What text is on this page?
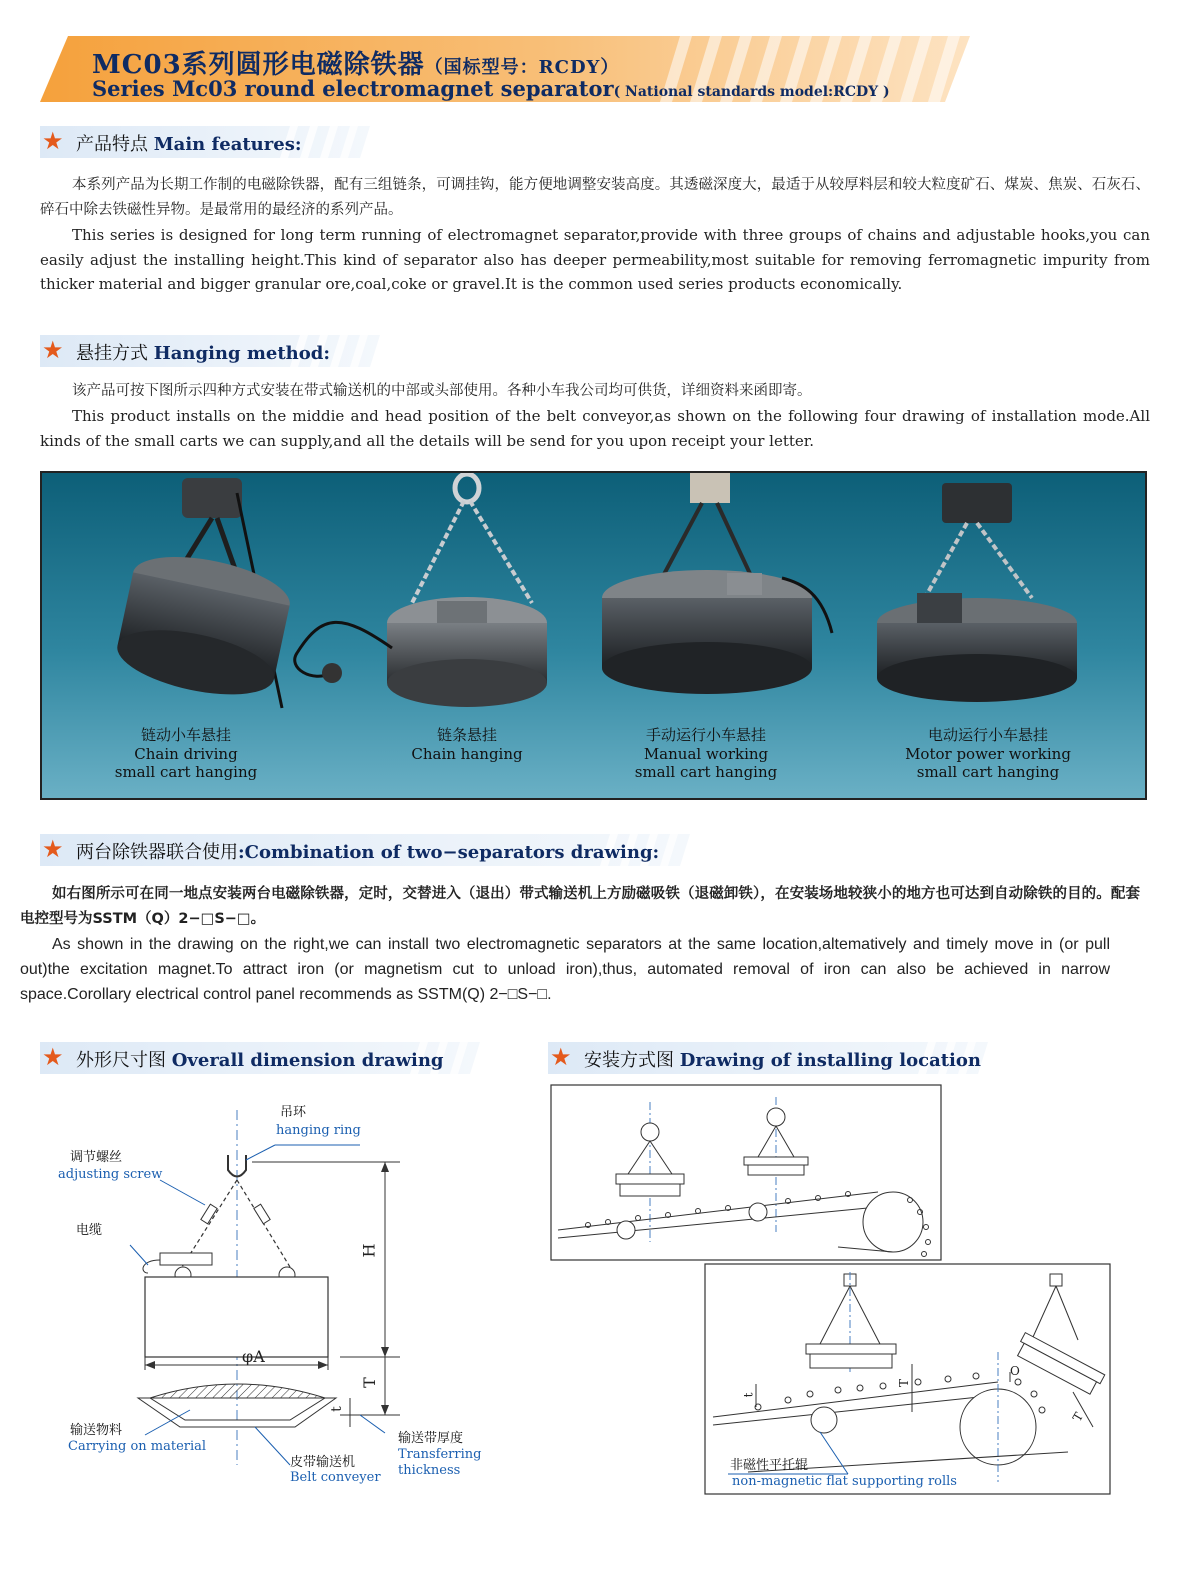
MC03系列圆形电磁除铁器（国标型号：RCDY）
Series Mc03 round electromagnet separator( National standards model:RCDY )
★ 产品特点 Main features:
本系列产品为长期工作制的电磁除铁器，配有三组链条，可调挂钩，能方便地调整安装高度。其透磁深度大，最适于从较厚料层和较大粒度矿石、煤炭、焦炭、石灰石、碎石中除去铁磁性异物。是最常用的最经济的系列产品。
This series is designed for long term running of electromagnet separator,provide with three groups of chains and adjustable hooks,you can easily adjust the installing height.This kind of separator also has deeper permeability,most suitable for removing ferromagnetic impurity from thicker material and bigger granular ore,coal,coke or gravel.It is the common used series products economically.
★ 悬挂方式 Hanging method:
该产品可按下图所示四种方式安装在带式输送机的中部或头部使用。各种小车我公司均可供货，详细资料来函即寄。
This product installs on the middie and head position of the belt conveyor,as shown on the following four drawing of installation mode.All kinds of the small carts we can supply,and all the details will be send for you upon receipt your letter.
链动小车悬挂
Chain driving
small cart hanging
链条悬挂
Chain hanging
手动运行小车悬挂
Manual working
small cart hanging
电动运行小车悬挂
Motor power working
small cart hanging
★ 两台除铁器联合使用:Combination of two−separators drawing:
如右图所示可在同一地点安装两台电磁除铁器，定时，交替进入（退出）带式输送机上方励磁吸铁（退磁卸铁），在安装场地较狭小的地方也可达到自动除铁的目的。配套电控型号为SSTM（Q）2−□S−□。
As shown in the drawing on the right,we can install two electromagnetic separators at the same location,altematively and timely move in (or pull out)the excitation magnet.To attract iron (or magnetism cut to unload iron),thus, automated removal of iron can also be achieved in narrow space.Corollary electrical control panel recommends as SSTM(Q) 2−□S−□.
★ 外形尺寸图 Overall dimension drawing	★ 安装方式图 Drawing of installing location
吊环
hanging ring
调节螺丝
adjusting screw
电缆
H
T
φA
t
输送物料
Carrying on material
皮带输送机
Belt conveyer
输送带厚度
Transferring
thickness
T
T
t
O
非磁性平托辊
non-magnetic flat supporting rolls
